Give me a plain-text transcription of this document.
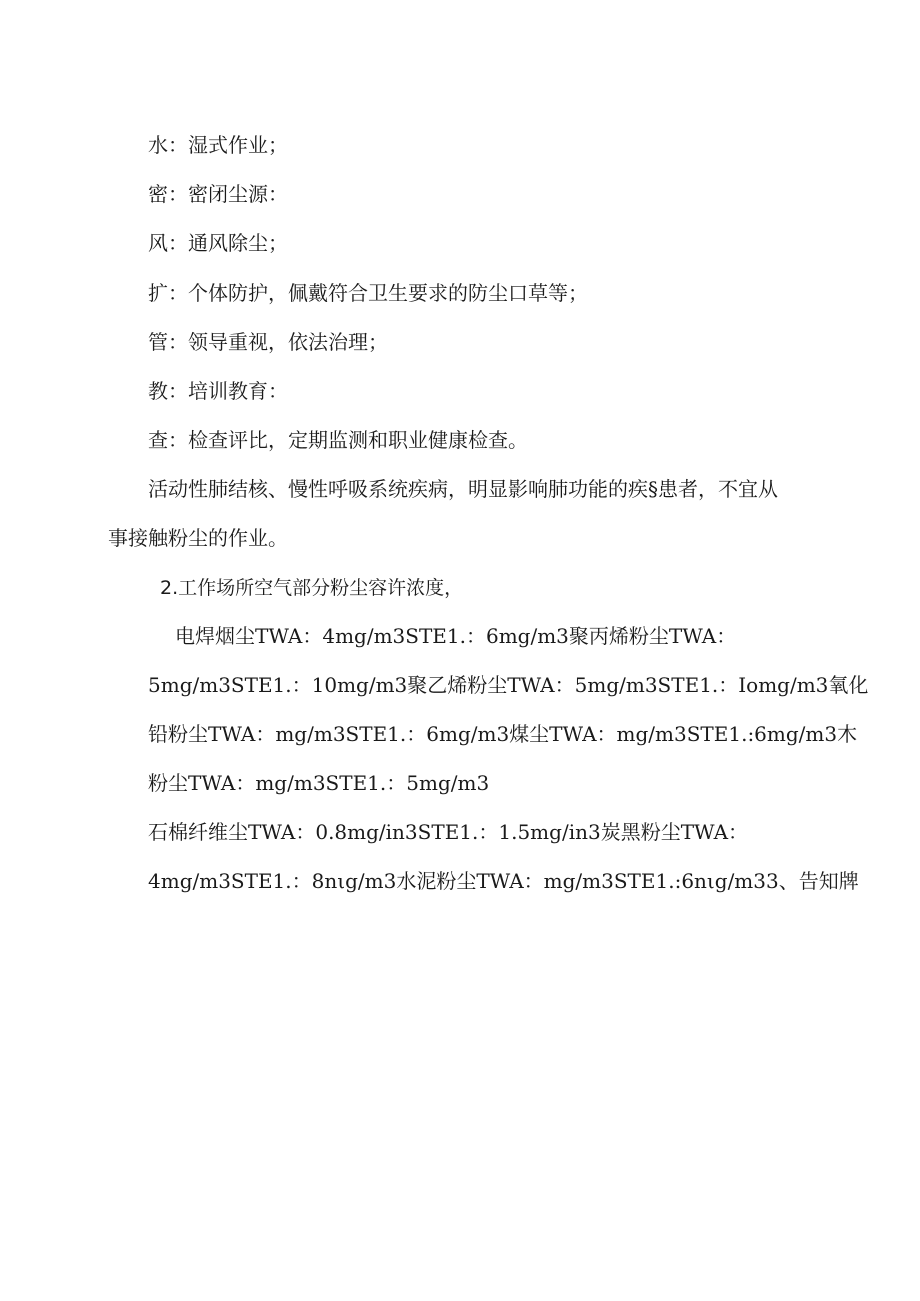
水：湿式作业；
密：密闭尘源：
风：通风除尘；
扩：个体防护，佩戴符合卫生要求的防尘口草等；
管：领导重视，依法治理；
教：培训教育：
查：检查评比，定期监测和职业健康检查。
活动性肺结核、慢性呼吸系统疾病，明显影响肺功能的疾§患者，不宜从
事接触粉尘的作业。
2.工作场所空气部分粉尘容许浓度，
电焊烟尘TWA：4mg∕m3STE1.：6mg∕m3聚丙烯粉尘TWA：
5mg∕m3STE1.：10mg∕m3聚乙烯粉尘TWA：5mg∕m3STE1.：Iomg/m3氧化
铅粉尘TWA：mg∕m3STE1.：6mg∕m3煤尘TWA：mg∕m3STE1.:6mg∕m3木
粉尘TWA：mg∕m3STE1.：5mg∕m3
石棉纤维尘TWA：0.8mg∕in3STE1.：1.5mg∕in3炭黑粉尘TWA：
4mg∕m3STE1.：8nιg∕m3水泥粉尘TWA：mg∕m3STE1.:6nιg∕m33、告知牌
